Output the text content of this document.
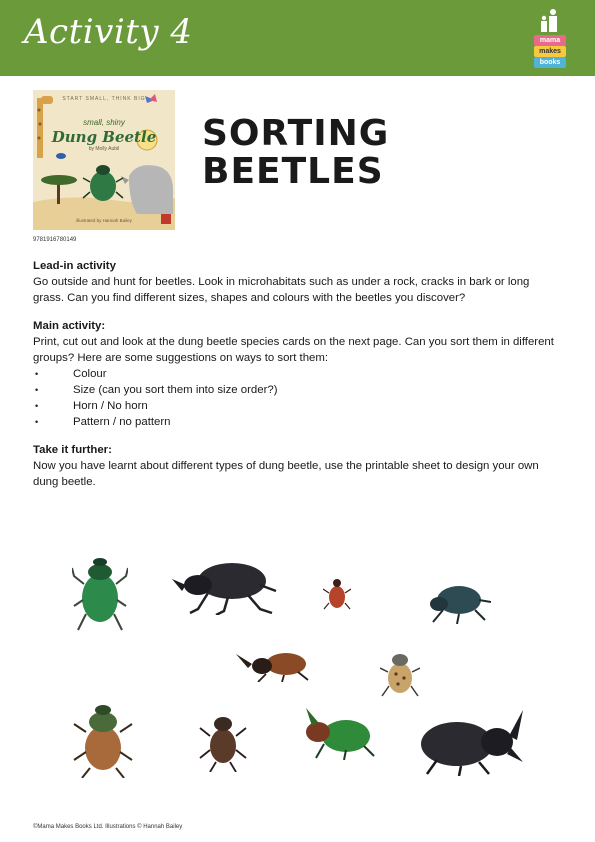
Activity 4	mama
makes
books
START SMALL, THINK BIG
small, shiny
Dung Beetle
by Molly Aubil
illustrated by Hannah Bailey
9781916780149
SORTING
BEETLES
Lead-in activity
Go outside and hunt for beetles. Look in microhabitats such as under a rock, cracks in bark or long grass. Can you find different sizes, shapes and colours with the beetles you discover?
Main activity:
Print, cut out and look at the dung beetle species cards on the next page. Can you sort them in different groups? Here are some suggestions on ways to sort them:
• Colour
• Size (can you sort them into size order?)
• Horn / No horn
• Pattern / no pattern
Take it further:
Now you have learnt about different types of dung beetle, use the printable sheet to design your own dung beetle.
©Mama Makes Books Ltd. Illustrations © Hannah Bailey
